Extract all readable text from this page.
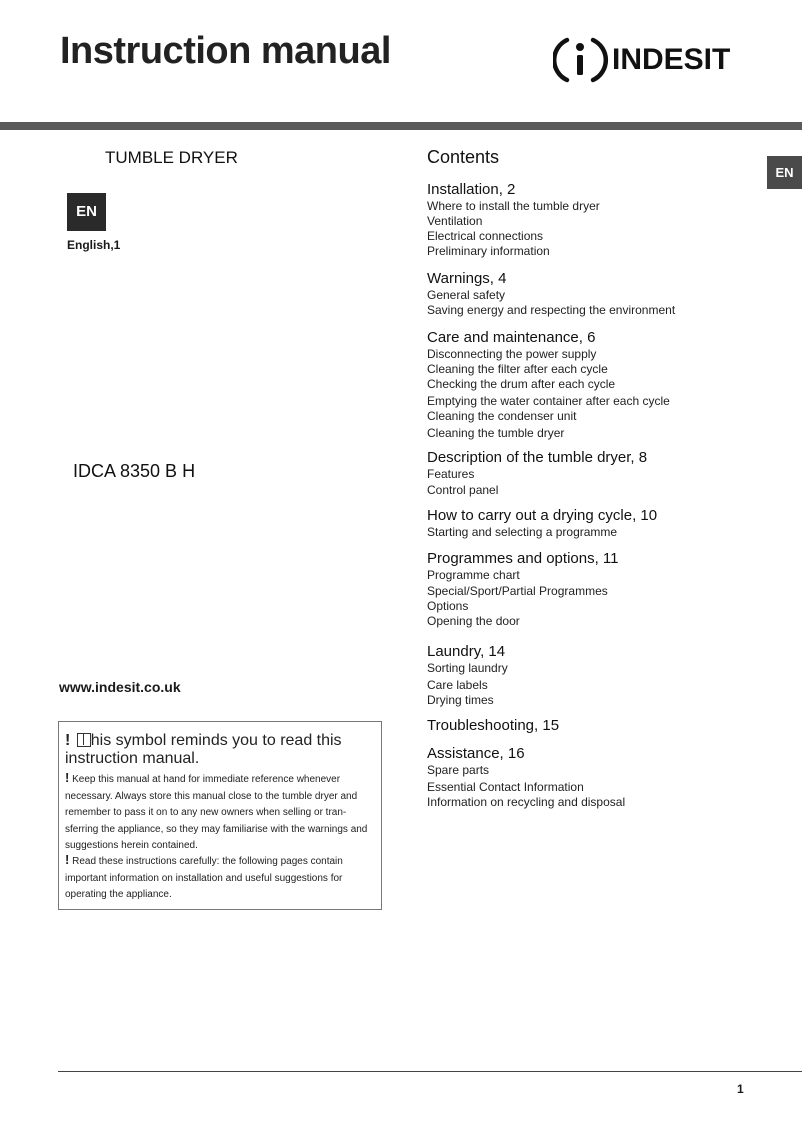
Instruction manual	INDESIT
TUMBLE DRYER
EN
English,1
IDCA 8350 B H
www.indesit.co.uk
! his symbol reminds you to read this instruction manual.
! Keep this manual at hand for immediate reference whenever necessary. Always store this manual close to the tumble dryer and remember to pass it on to any new owners when selling or tran-sferring the appliance, so they may familiarise with the warnings and suggestions herein contained.
! Read these instructions carefully: the following pages contain important information on installation and useful suggestions for operating the appliance.
EN
Contents
Installation, 2
Where to install the tumble dryer
Ventilation
Electrical connections
Preliminary information
Warnings, 4
General safety
Saving energy and respecting the environment
Care and maintenance, 6
Disconnecting the power supply
Cleaning the filter after each cycle
Checking the drum after each cycle
Emptying the water container after each cycle
Cleaning the condenser unit
Cleaning the tumble dryer
Description of the tumble dryer, 8
Features
Control panel
How to carry out a drying cycle, 10
Starting and selecting a programme
Programmes and options, 11
Programme chart
Special/Sport/Partial Programmes
Options
Opening the door
Laundry, 14
Sorting laundry
Care labels
Drying times
Troubleshooting, 15
Assistance, 16
Spare parts
Essential Contact Information
Information on recycling and disposal
1
